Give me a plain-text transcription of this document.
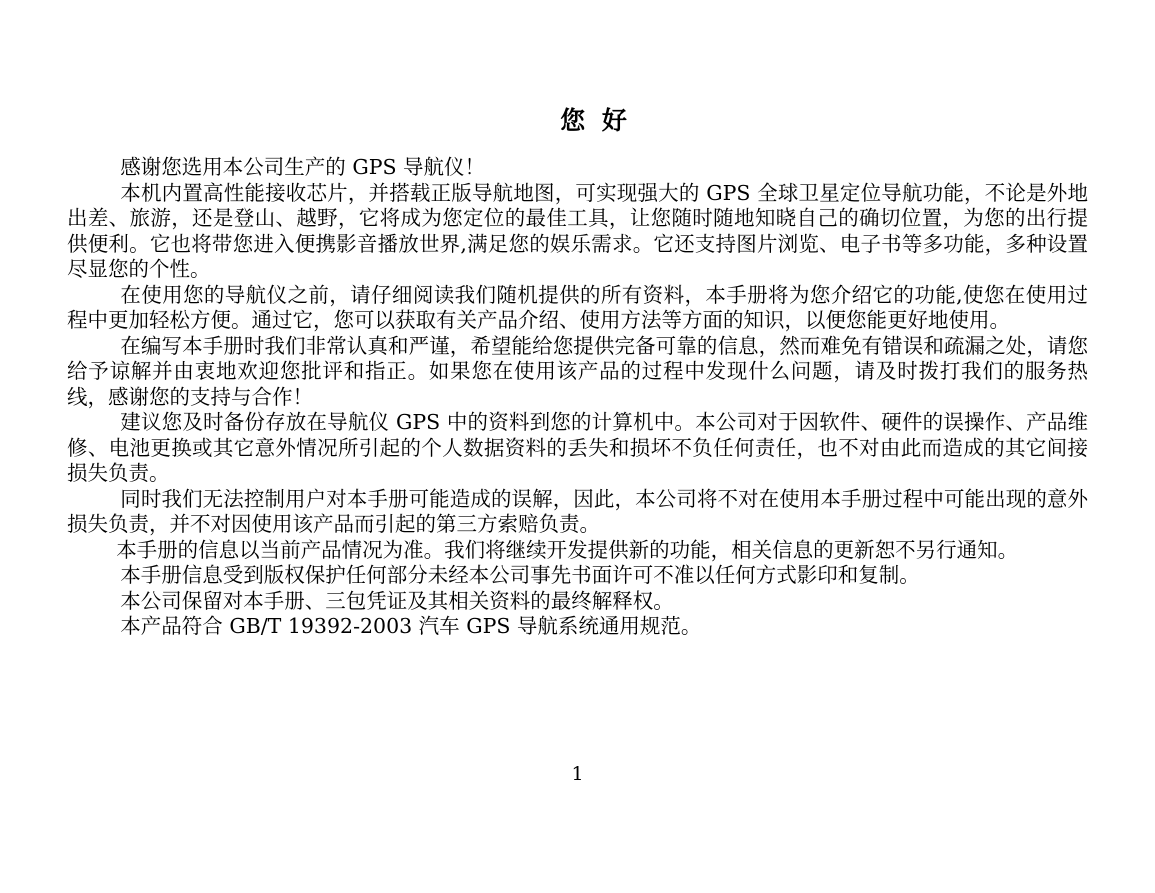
您 好

感谢您选用本公司生产的 GPS 导航仪！

本机内置高性能接收芯片，并搭载正版导航地图，可实现强大的 GPS 全球卫星定位导航功能，不论是外地出差、旅游，还是登山、越野，它将成为您定位的最佳工具，让您随时随地知晓自己的确切位置，为您的出行提供便利。它也将带您进入便携影音播放世界,满足您的娱乐需求。它还支持图片浏览、电子书等多功能，多种设置尽显您的个性。

在使用您的导航仪之前，请仔细阅读我们随机提供的所有资料，本手册将为您介绍它的功能,使您在使用过程中更加轻松方便。通过它，您可以获取有关产品介绍、使用方法等方面的知识，以便您能更好地使用。

在编写本手册时我们非常认真和严谨，希望能给您提供完备可靠的信息，然而难免有错误和疏漏之处，请您给予谅解并由衷地欢迎您批评和指正。如果您在使用该产品的过程中发现什么问题，请及时拨打我们的服务热线，感谢您的支持与合作！

建议您及时备份存放在导航仪 GPS 中的资料到您的计算机中。本公司对于因软件、硬件的误操作、产品维修、电池更换或其它意外情况所引起的个人数据资料的丢失和损坏不负任何责任，也不对由此而造成的其它间接损失负责。

同时我们无法控制用户对本手册可能造成的误解，因此，本公司将不对在使用本手册过程中可能出现的意外损失负责，并不对因使用该产品而引起的第三方索赔负责。

本手册的信息以当前产品情况为准。我们将继续开发提供新的功能，相关信息的更新恕不另行通知。

本手册信息受到版权保护任何部分未经本公司事先书面许可不准以任何方式影印和复制。

本公司保留对本手册、三包凭证及其相关资料的最终解释权。

本产品符合 GB/T 19392-2003 汽车 GPS 导航系统通用规范。

1
